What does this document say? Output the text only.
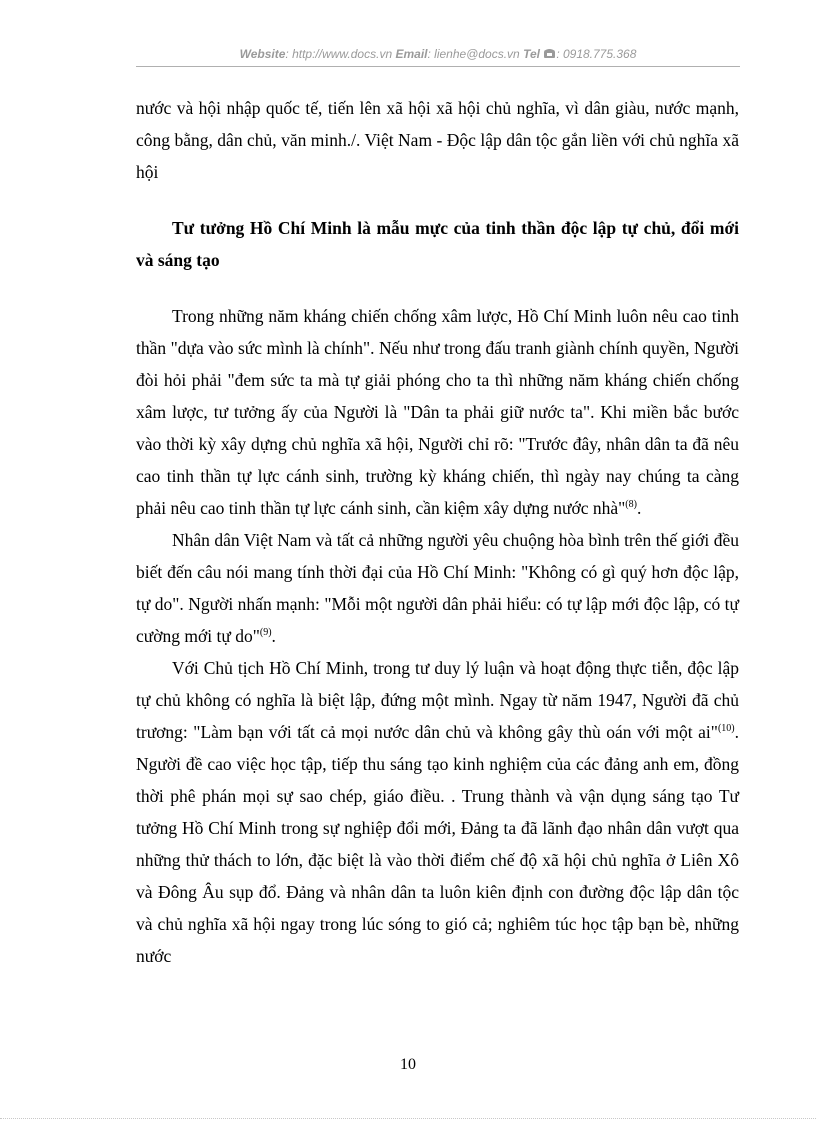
Website: http://www.docs.vn Email: lienhe@docs.vn Tel : 0918.775.368

nước và hội nhập quốc tế, tiến lên xã hội xã hội chủ nghĩa, vì dân giàu, nước mạnh, công bằng, dân chủ, văn minh./. Việt Nam - Độc lập dân tộc gắn liền với chủ nghĩa xã hội

Tư tưởng Hồ Chí Minh là mẫu mực của tinh thần độc lập tự chủ, đổi mới và sáng tạo

Trong những năm kháng chiến chống xâm lược, Hồ Chí Minh luôn nêu cao tinh thần "dựa vào sức mình là chính". Nếu như trong đấu tranh giành chính quyền, Người đòi hỏi phải "đem sức ta mà tự giải phóng cho ta thì những năm kháng chiến chống xâm lược, tư tưởng ấy của Người là "Dân ta phải giữ nước ta". Khi miền bắc bước vào thời kỳ xây dựng chủ nghĩa xã hội, Người chỉ rõ: "Trước đây, nhân dân ta đã nêu cao tinh thần tự lực cánh sinh, trường kỳ kháng chiến, thì ngày nay chúng ta càng phải nêu cao tinh thần tự lực cánh sinh, cần kiệm xây dựng nước nhà"$^{(8)}$.

Nhân dân Việt Nam và tất cả những người yêu chuộng hòa bình trên thế giới đều biết đến câu nói mang tính thời đại của Hồ Chí Minh: "Không có gì quý hơn độc lập, tự do". Người nhấn mạnh: "Mỗi một người dân phải hiểu: có tự lập mới độc lập, có tự cường mới tự do"$^{(9)}$.

Với Chủ tịch Hồ Chí Minh, trong tư duy lý luận và hoạt động thực tiễn, độc lập tự chủ không có nghĩa là biệt lập, đứng một mình. Ngay từ năm 1947, Người đã chủ trương: "Làm bạn với tất cả mọi nước dân chủ và không gây thù oán với một ai"$^{(10)}$. Người đề cao việc học tập, tiếp thu sáng tạo kinh nghiệm của các đảng anh em, đồng thời phê phán mọi sự sao chép, giáo điều. . Trung thành và vận dụng sáng tạo Tư tưởng Hồ Chí Minh trong sự nghiệp đổi mới, Đảng ta đã lãnh đạo nhân dân vượt qua những thử thách to lớn, đặc biệt là vào thời điểm chế độ xã hội chủ nghĩa ở Liên Xô và Đông Âu sụp đổ. Đảng và nhân dân ta luôn kiên định con đường độc lập dân tộc và chủ nghĩa xã hội ngay trong lúc sóng to gió cả; nghiêm túc học tập bạn bè, những nước

10
